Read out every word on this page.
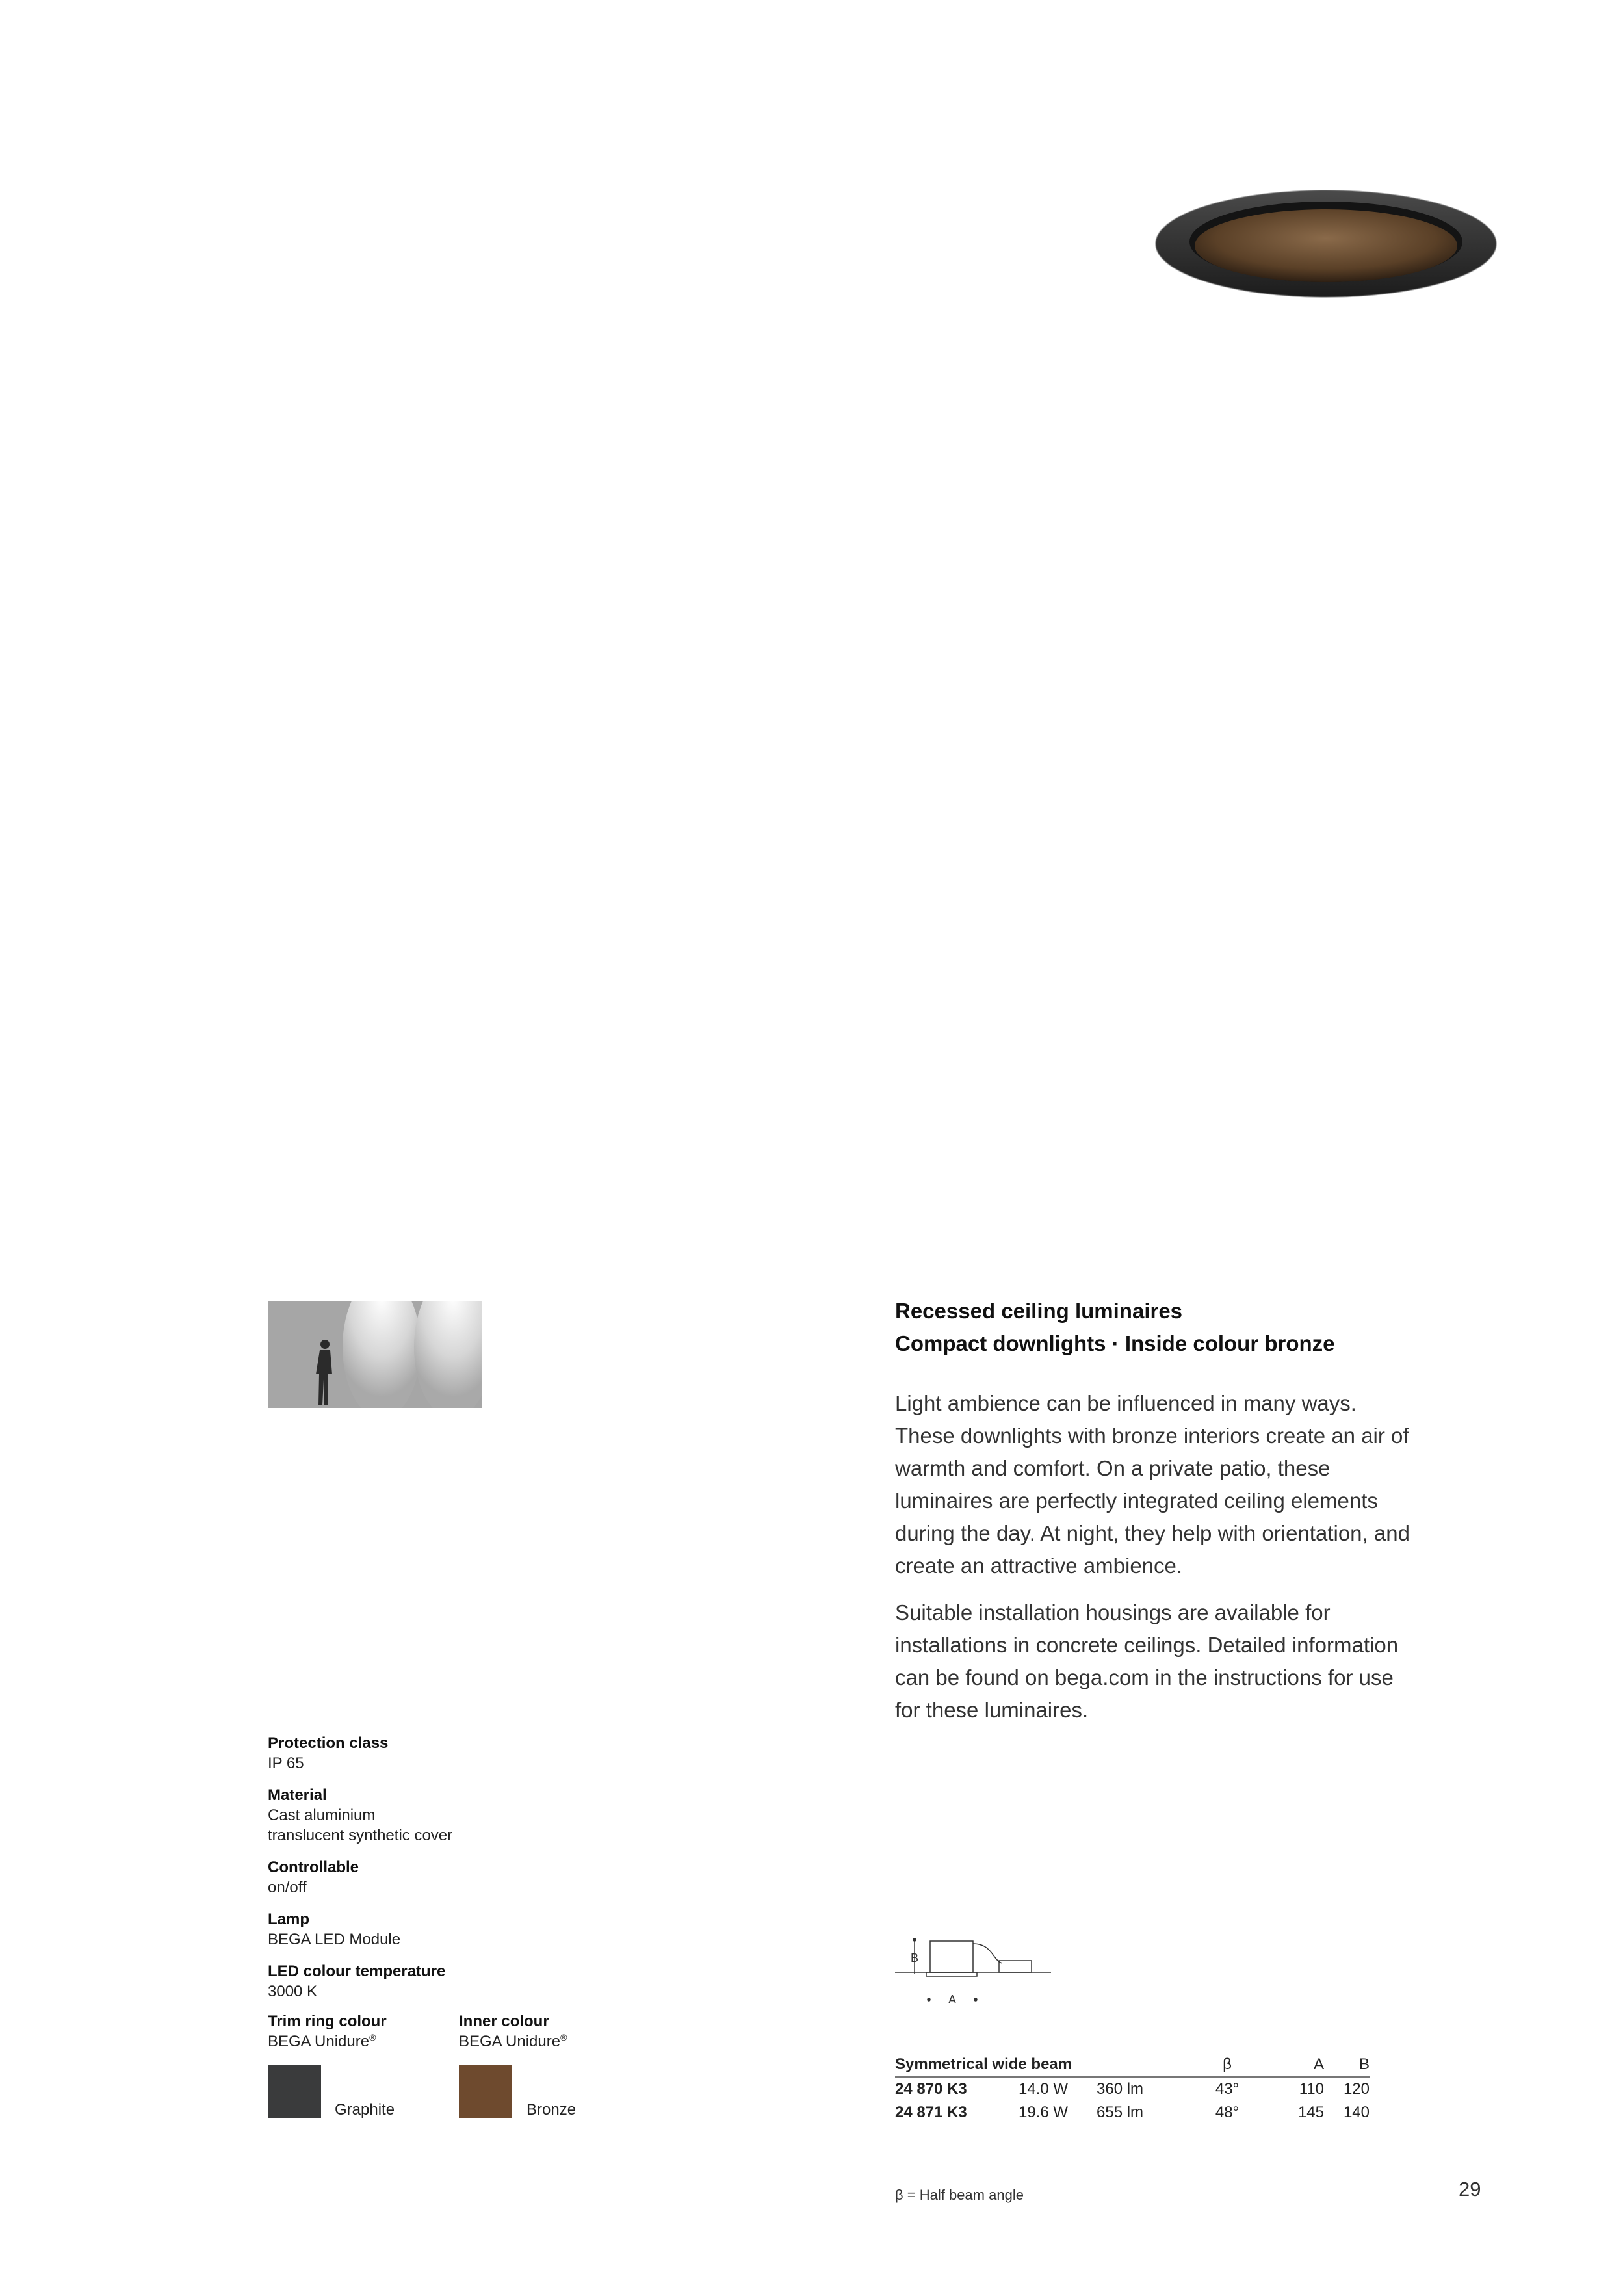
Recessed ceiling luminaires
Compact downlights · Inside colour bronze

Light ambience can be influenced in many ways. These downlights with bronze interiors create an air of warmth and comfort. On a private patio, these luminaires are perfectly integrated ceiling elements during the day. At night, they help with orientation, and create an attractive ambience.

Suitable installation housings are available for installations in concrete ceilings. Detailed information can be found on bega.com in the instructions for use for these luminaires.

Protection class
IP 65
Material
Cast aluminium
translucent synthetic cover
Controllable
on/off
Lamp
BEGA LED Module
LED colour temperature
3000 K
Trim ring colour
BEGA Unidure®
Graphite
Inner colour
BEGA Unidure®
Bronze
B
A
Symmetrical wide beam	β	A	B
24 870 K3	14.0 W 360 lm	43°	110	120
24 871 K3	19.6 W 655 lm	48°	145	140
β = Half beam angle	29
